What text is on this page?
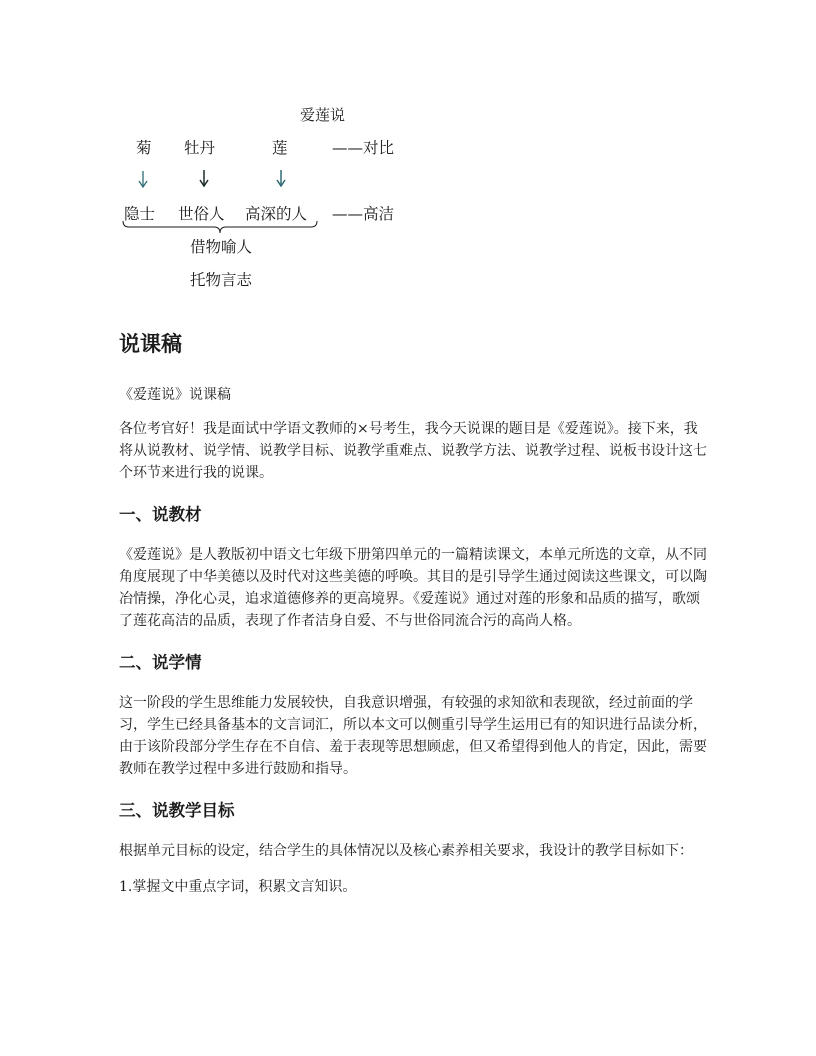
爱莲说
菊 牡丹	莲	——对比
隐士 世俗人 高深的人 ——高洁
借物喻人
托物言志
说课稿

《爱莲说》说课稿

各位考官好！我是面试中学语文教师的×号考生，我今天说课的题目是《爱莲说》。接下来，我将从说教材、说学情、说教学目标、说教学重难点、说教学方法、说教学过程、说板书设计这七个环节来进行我的说课。

一、说教材

《爱莲说》是人教版初中语文七年级下册第四单元的一篇精读课文，本单元所选的文章，从不同角度展现了中华美德以及时代对这些美德的呼唤。其目的是引导学生通过阅读这些课文，可以陶冶情操，净化心灵，追求道德修养的更高境界。《爱莲说》通过对莲的形象和品质的描写，歌颂了莲花高洁的品质，表现了作者洁身自爱、不与世俗同流合污的高尚人格。

二、说学情

这一阶段的学生思维能力发展较快，自我意识增强，有较强的求知欲和表现欲，经过前面的学习，学生已经具备基本的文言词汇，所以本文可以侧重引导学生运用已有的知识进行品读分析，由于该阶段部分学生存在不自信、羞于表现等思想顾虑，但又希望得到他人的肯定，因此，需要教师在教学过程中多进行鼓励和指导。

三、说教学目标

根据单元目标的设定，结合学生的具体情况以及核心素养相关要求，我设计的教学目标如下：

1.掌握文中重点字词，积累文言知识。
